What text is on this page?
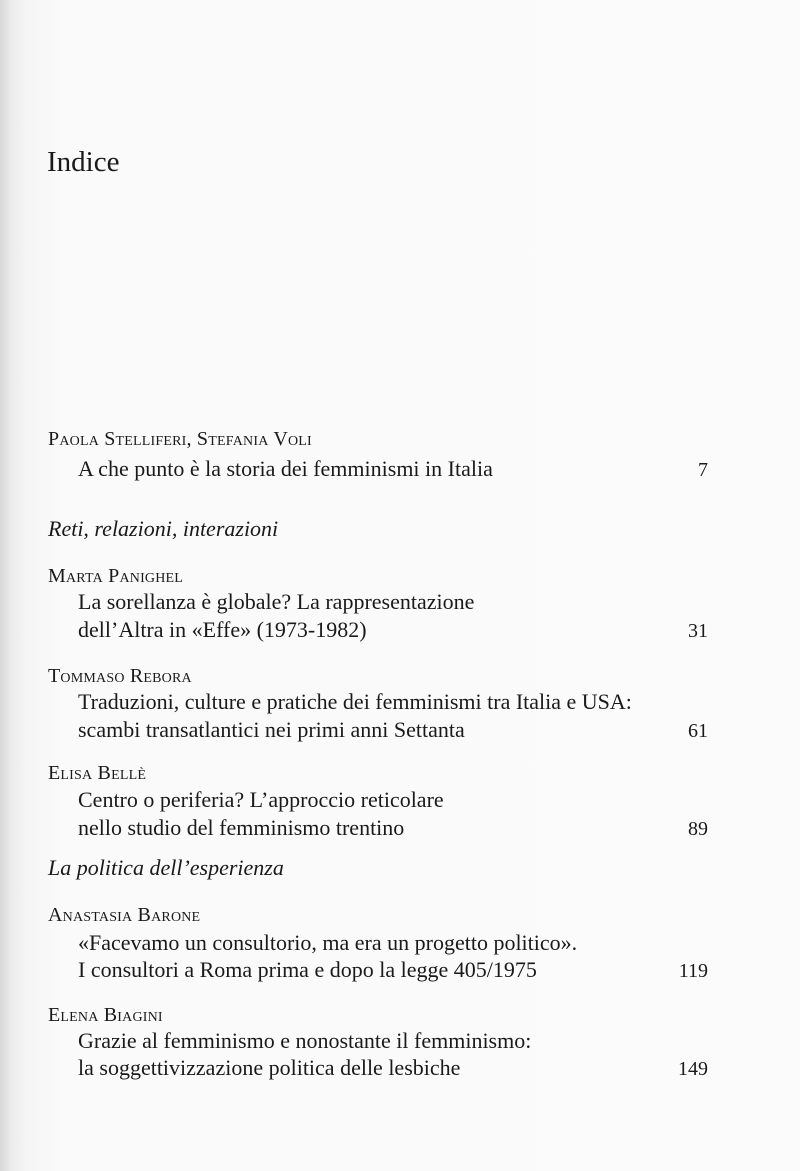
Indice
Paola Stelliferi, Stefania Voli
A che punto è la storia dei femminismi in Italia	7
Reti, relazioni, interazioni
Marta Panighel
La sorellanza è globale? La rappresentazione
dell’Altra in «Effe» (1973-1982)	31
Tommaso Rebora
Traduzioni, culture e pratiche dei femminismi tra Italia e USA:
scambi transatlantici nei primi anni Settanta	61
Elisa Bellè
Centro o periferia? L’approccio reticolare
nello studio del femminismo trentino	89
La politica dell’esperienza
Anastasia Barone
«Facevamo un consultorio, ma era un progetto politico».
I consultori a Roma prima e dopo la legge 405/1975	119
Elena Biagini
Grazie al femminismo e nonostante il femminismo:
la soggettivizzazione politica delle lesbiche	149
